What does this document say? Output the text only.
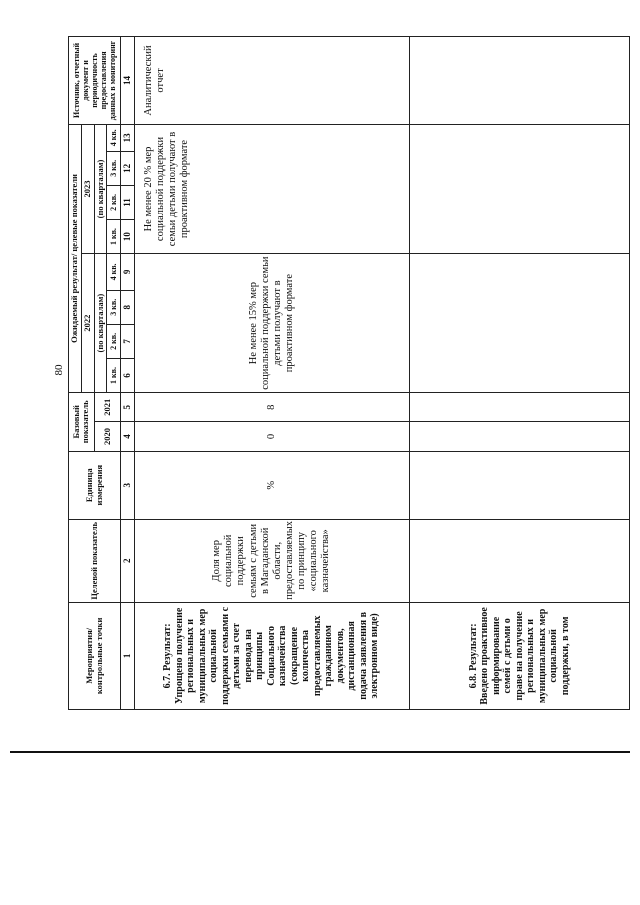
80
Мероприятия/ контрольные точки	Целевой показатель	Единица измерения	Базовый показатель		Ожидаемый результат/ целевые показатели								Источник, отчетный документ и периодичность предоставления данных в мониторинг
					2022				2023				
			2020	2021	(по кварталам)				(по кварталам)				
					1 кв.	2 кв.	3 кв.	4 кв.	1 кв.	2 кв.	3 кв.	4 кв.	
1	2	3	4	5	6	7	8	9	10	11	12	13	14
6.7. Результат: Упрощено получение региональных и муниципальных мер социальной поддержки семьями с детьми за счет перевода на принципы Социального казначейства (сокращение количества предоставляемых гражданином документов, дистанционная подача заявления в электронном виде)	Доля мер социальной поддержки семьям с детьми в Магаданской области, предоставляемых по принципу «социального казначейства»	%	0	8	Не менее 15% мер социальной поддержки семьи детьми получают в проактивном формате				Не менее 20 % мер социальной поддержки семьи детьми получают в проактивном формате				Аналитический отчет
6.8. Результат: Введено проактивное информирование семей с детьми о праве на получение региональных и муниципальных мер социальной поддержки, в том													
